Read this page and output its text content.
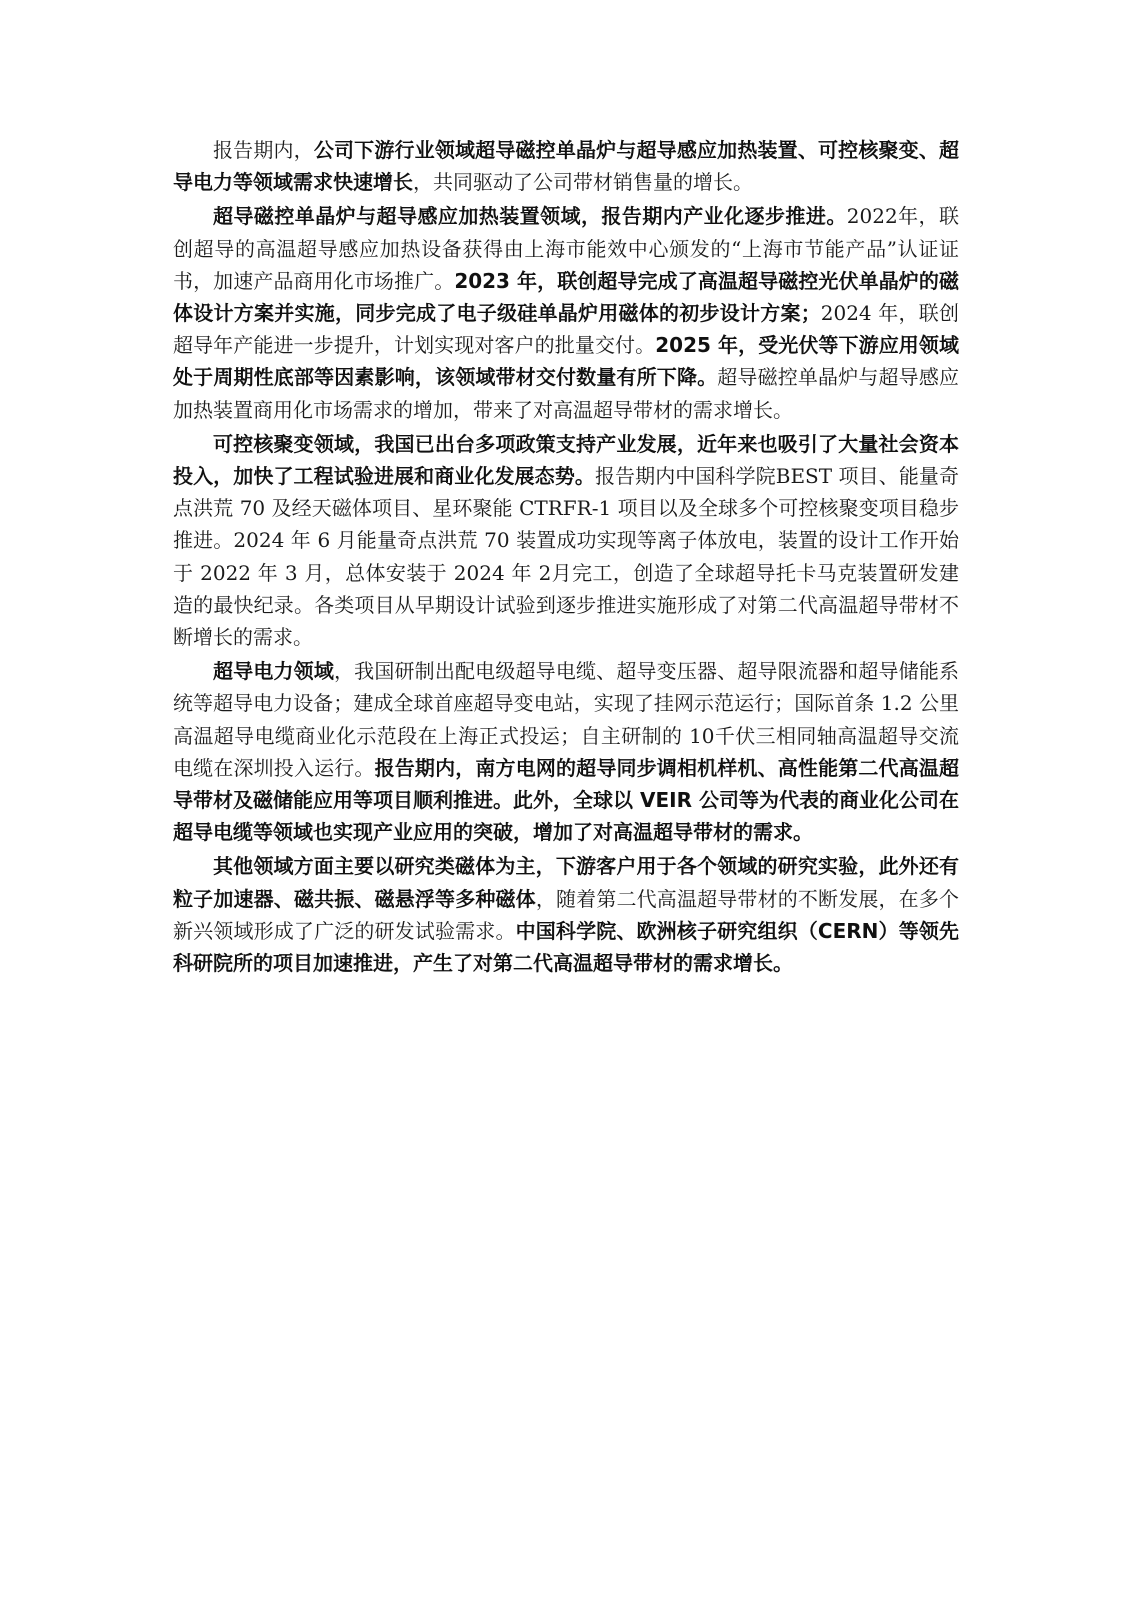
报告期内，公司下游行业领域超导磁控单晶炉与超导感应加热装置、可控核聚变、超导电力等领域需求快速增长，共同驱动了公司带材销售量的增长。

超导磁控单晶炉与超导感应加热装置领域，报告期内产业化逐步推进。2022年，联创超导的高温超导感应加热设备获得由上海市能效中心颁发的“上海市节能产品”认证证书，加速产品商用化市场推广。2023 年，联创超导完成了高温超导磁控光伏单晶炉的磁体设计方案并实施，同步完成了电子级硅单晶炉用磁体的初步设计方案；2024 年，联创超导年产能进一步提升，计划实现对客户的批量交付。2025 年，受光伏等下游应用领域处于周期性底部等因素影响，该领域带材交付数量有所下降。超导磁控单晶炉与超导感应加热装置商用化市场需求的增加，带来了对高温超导带材的需求增长。

可控核聚变领域，我国已出台多项政策支持产业发展，近年来也吸引了大量社会资本投入，加快了工程试验进展和商业化发展态势。报告期内中国科学院BEST 项目、能量奇点洪荒 70 及经天磁体项目、星环聚能 CTRFR-1 项目以及全球多个可控核聚变项目稳步推进。2024 年 6 月能量奇点洪荒 70 装置成功实现等离子体放电，装置的设计工作开始于 2022 年 3 月，总体安装于 2024 年 2月完工，创造了全球超导托卡马克装置研发建造的最快纪录。各类项目从早期设计试验到逐步推进实施形成了对第二代高温超导带材不断增长的需求。

超导电力领域，我国研制出配电级超导电缆、超导变压器、超导限流器和超导储能系统等超导电力设备；建成全球首座超导变电站，实现了挂网示范运行；国际首条 1.2 公里高温超导电缆商业化示范段在上海正式投运；自主研制的 10千伏三相同轴高温超导交流电缆在深圳投入运行。报告期内，南方电网的超导同步调相机样机、高性能第二代高温超导带材及磁储能应用等项目顺利推进。此外，全球以 VEIR 公司等为代表的商业化公司在超导电缆等领域也实现产业应用的突破，增加了对高温超导带材的需求。

其他领域方面主要以研究类磁体为主，下游客户用于各个领域的研究实验，此外还有粒子加速器、磁共振、磁悬浮等多种磁体，随着第二代高温超导带材的不断发展，在多个新兴领域形成了广泛的研发试验需求。中国科学院、欧洲核子研究组织（CERN）等领先科研院所的项目加速推进，产生了对第二代高温超导带材的需求增长。
